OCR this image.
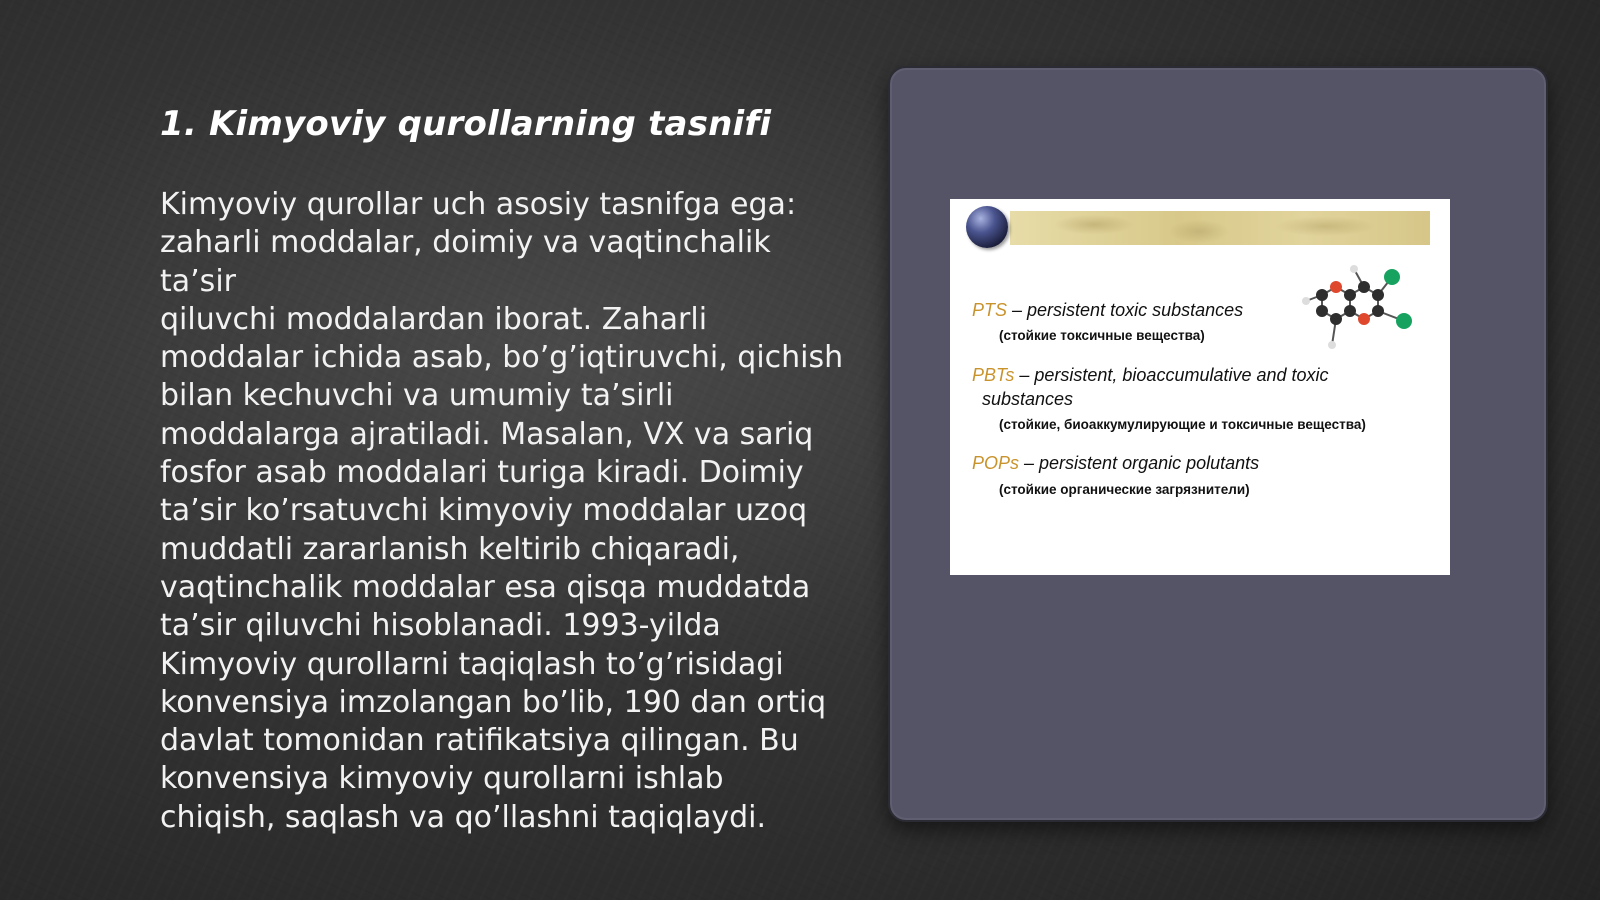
1. Kimyoviy qurollarning tasnifi
Kimyoviy qurollar uch asosiy tasnifga ega:
zaharli moddalar, doimiy va vaqtinchalik ta’sir
qiluvchi moddalardan iborat. Zaharli
moddalar ichida asab, bo’g’iqtiruvchi, qichish
bilan kechuvchi va umumiy ta’sirli
moddalarga ajratiladi. Masalan, VX va sariq
fosfor asab moddalari turiga kiradi. Doimiy
ta’sir ko’rsatuvchi kimyoviy moddalar uzoq
muddatli zararlanish keltirib chiqaradi,
vaqtinchalik moddalar esa qisqa muddatda
ta’sir qiluvchi hisoblanadi. 1993-yilda
Kimyoviy qurollarni taqiqlash to’g’risidagi
konvensiya imzolangan bo’lib, 190 dan ortiq
davlat tomonidan ratifikatsiya qilingan. Bu
konvensiya kimyoviy qurollarni ishlab
chiqish, saqlash va qo’llashni taqiqlaydi.
PTS – persistent toxic substances
(стойкие токсичные вещества)
PBTs – persistent, bioaccumulative and toxic
substances
(стойкие, биоаккумулирующие и токсичные вещества)
POPs – persistent organic polutants
(стойкие органические загрязнители)
